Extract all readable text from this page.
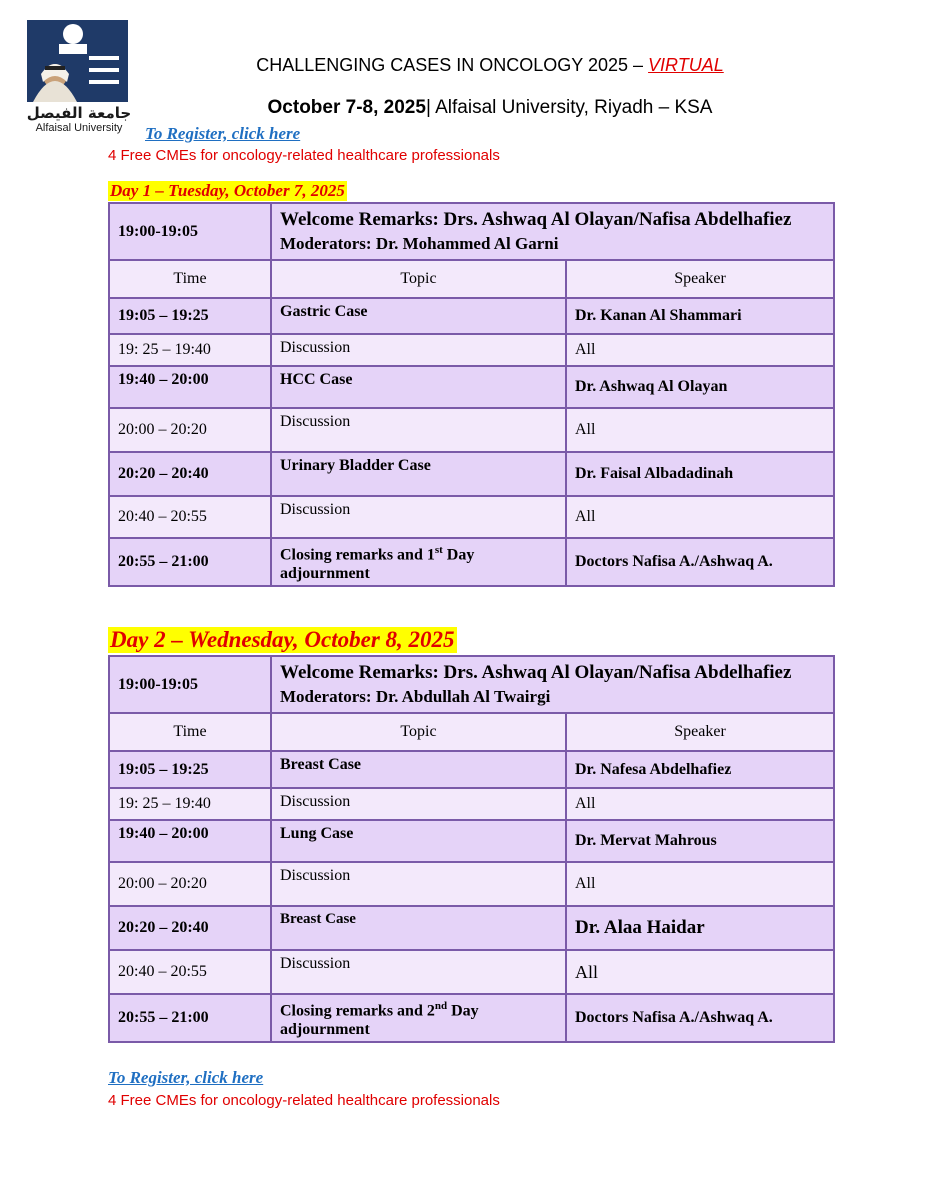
جامعة الفيصل
Alfaisal University
CHALLENGING CASES IN ONCOLOGY 2025 – VIRTUAL
October 7-8, 2025| Alfaisal University, Riyadh – KSA
To Register, click here
4 Free CMEs for oncology-related healthcare professionals
Day 1 – Tuesday, October 7, 2025
19:00-19:05	Welcome Remarks: Drs. Ashwaq Al Olayan/Nafisa Abdelhafiez
Moderators: Dr. Mohammed Al Garni	

Time	Topic	Speaker
19:05 – 19:25	Gastric Case	Dr. Kanan Al Shammari
19: 25 – 19:40	Discussion	All
19:40 – 20:00	HCC Case	Dr. Ashwaq Al Olayan
20:00 – 20:20	Discussion	All
20:20 – 20:40	Urinary Bladder Case	Dr. Faisal Albadadinah
20:40 – 20:55	Discussion	All
20:55 – 21:00	Closing remarks and 1st Day adjournment	Doctors Nafisa A./Ashwaq A.
Day 2 – Wednesday, October 8, 2025
19:00-19:05	Welcome Remarks: Drs. Ashwaq Al Olayan/Nafisa Abdelhafiez
Moderators: Dr. Abdullah Al Twairgi	

Time	Topic	Speaker
19:05 – 19:25	Breast Case	Dr. Nafesa Abdelhafiez
19: 25 – 19:40	Discussion	All
19:40 – 20:00	Lung Case	Dr. Mervat Mahrous
20:00 – 20:20	Discussion	All
20:20 – 20:40	Breast Case	Dr. Alaa Haidar
20:40 – 20:55	Discussion	All
20:55 – 21:00	Closing remarks and 2nd Day adjournment	Doctors Nafisa A./Ashwaq A.
To Register, click here
4 Free CMEs for oncology-related healthcare professionals
